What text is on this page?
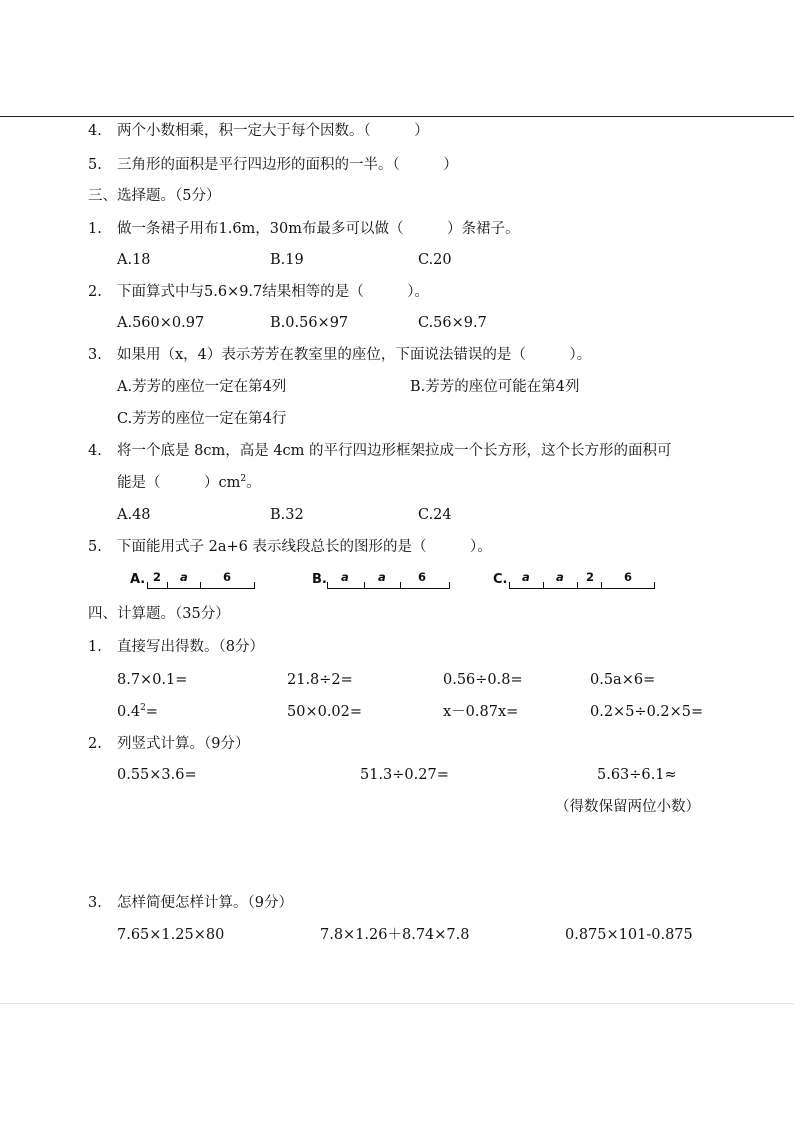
4. 两个小数相乘，积一定大于每个因数。（　　　）
5. 三角形的面积是平行四边形的面积的一半。（　　　）
三、选择题。（5分）
1. 做一条裙子用布1.6m，30m布最多可以做（　　　）条裙子。
A.18	B.19	C.20
2. 下面算式中与5.6×9.7结果相等的是（　　　）。
A.560×0.97	B.0.56×97	C.56×9.7
3. 如果用（x，4）表示芳芳在教室里的座位，下面说法错误的是（　　　）。
A.芳芳的座位一定在第4列	B.芳芳的座位可能在第4列
C.芳芳的座位一定在第4行
4. 将一个底是 8cm，高是 4cm 的平行四边形框架拉成一个长方形，这个长方形的面积可
能是（　　　）$cm^2$。
A.48	B.32	C.24
5. 下面能用式子 2a+6 表示线段总长的图形的是（　　　）。
A. 2 a	6	B. a	a	6	C. a a 2	6
四、计算题。（35分）
1. 直接写出得数。（8分）
8.7×0.1=	21.8÷2=	0.56÷0.8=	0.5a×6=
$0.4^2=$	50×0.02=	x－0.87x=	0.2×5÷0.2×5=
2. 列竖式计算。（9分）
0.55×3.6=	51.3÷0.27=	5.63÷6.1≈
（得数保留两位小数）
3. 怎样简便怎样计算。（9分）
7.65×1.25×80	7.8×1.26＋8.74×7.8	0.875×101-0.875
